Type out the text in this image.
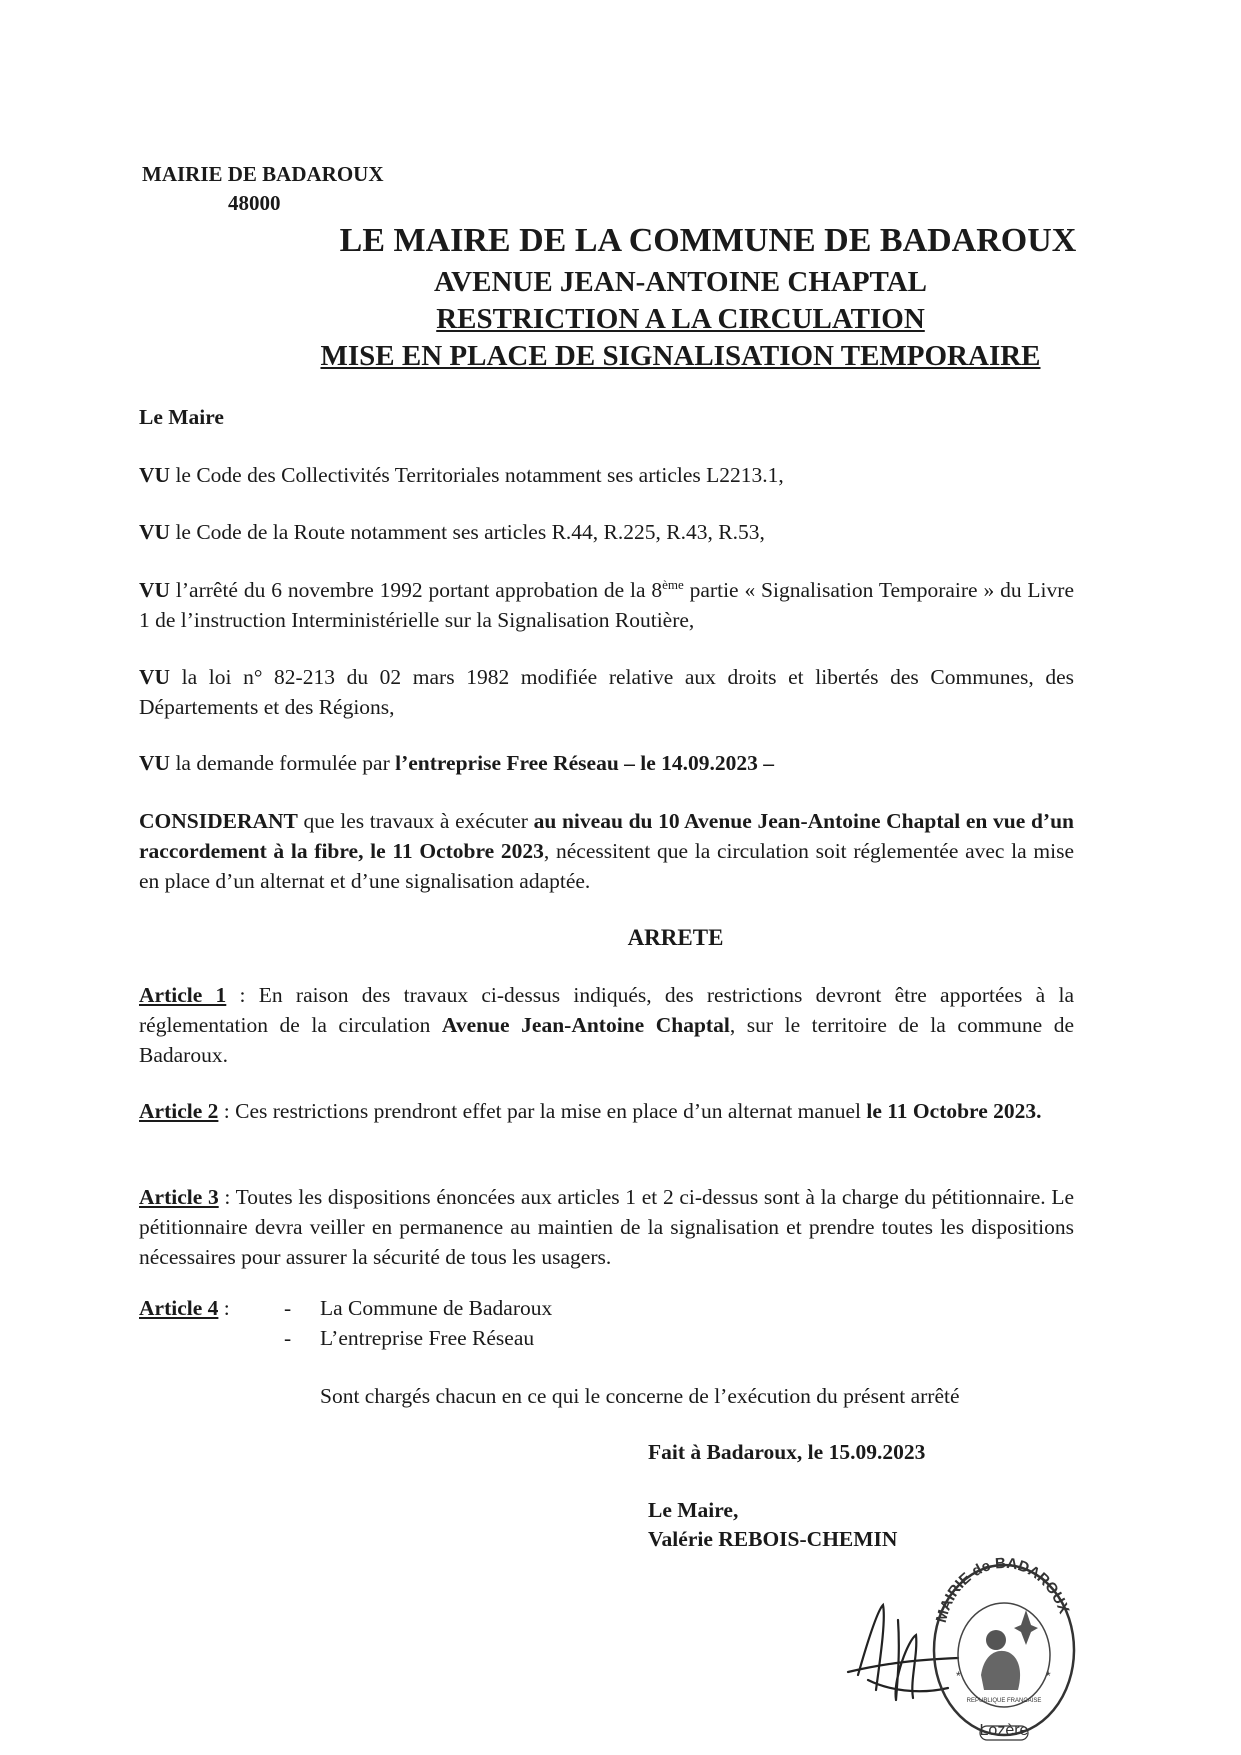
MAIRIE DE BADAROUX
48000
LE MAIRE DE LA COMMUNE DE BADAROUX
AVENUE JEAN-ANTOINE CHAPTAL
RESTRICTION A LA CIRCULATION
MISE EN PLACE DE SIGNALISATION TEMPORAIRE
Le Maire
VU le Code des Collectivités Territoriales notamment ses articles L2213.1,
VU le Code de la Route notamment ses articles R.44, R.225, R.43, R.53,
VU l’arrêté du 6 novembre 1992 portant approbation de la 8ème partie « Signalisation Temporaire » du Livre 1 de l’instruction Interministérielle sur la Signalisation Routière,
VU la loi n° 82-213 du 02 mars 1982 modifiée relative aux droits et libertés des Communes, des Départements et des Régions,
VU la demande formulée par l’entreprise Free Réseau – le 14.09.2023 –
CONSIDERANT que les travaux à exécuter au niveau du 10 Avenue Jean-Antoine Chaptal en vue d’un raccordement à la fibre, le 11 Octobre 2023, nécessitent que la circulation soit réglementée avec la mise en place d’un alternat et d’une signalisation adaptée.
ARRETE
Article 1 : En raison des travaux ci-dessus indiqués, des restrictions devront être apportées à la réglementation de la circulation Avenue Jean-Antoine Chaptal, sur le territoire de la commune de Badaroux.
Article 2 : Ces restrictions prendront effet par la mise en place d’un alternat manuel le 11 Octobre 2023.
Article 3 : Toutes les dispositions énoncées aux articles 1 et 2 ci-dessus sont à la charge du pétitionnaire. Le pétitionnaire devra veiller en permanence au maintien de la signalisation et prendre toutes les dispositions nécessaires pour assurer la sécurité de tous les usagers.
Article 4 :	- La Commune de Badaroux
- L’entreprise Free Réseau
Sont chargés chacun en ce qui le concerne de l’exécution du présent arrêté
Fait à Badaroux, le 15.09.2023
Le Maire,
Valérie REBOIS-CHEMIN
MAIRIE de BADAROUX
Lozère
REPUBLIQUE FRANCAISE
*	*
